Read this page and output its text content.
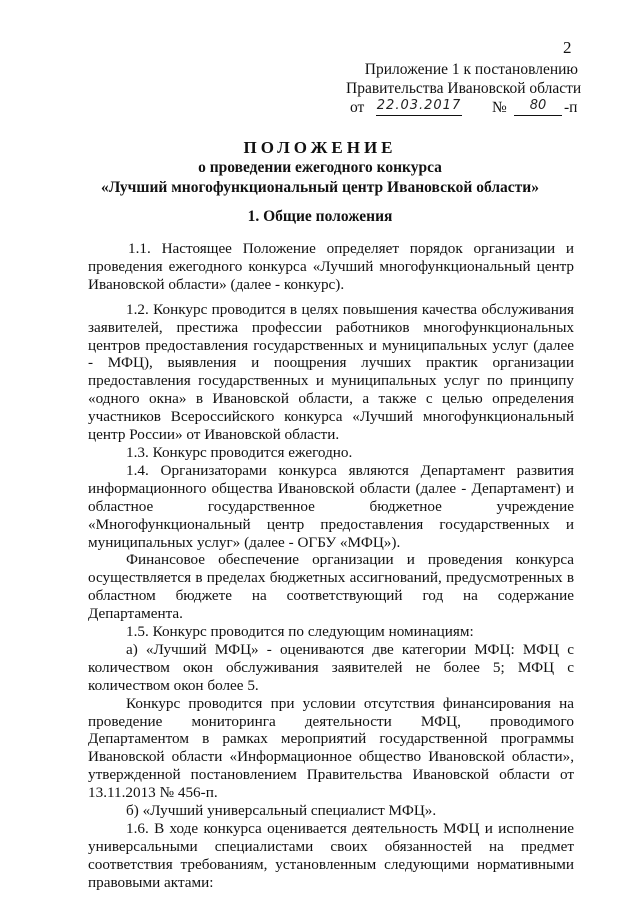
2
Приложение 1 к постановлению
Правительства Ивановской области
от 22.03.2017 №	80	-п
ПОЛОЖЕНИЕ
о проведении ежегодного конкурса
«Лучший многофункциональный центр Ивановской области»
1. Общие положения

1.1. Настоящее Положение определяет порядок организации и проведения ежегодного конкурса «Лучший многофункциональный центр Ивановской области» (далее - конкурс).

1.2. Конкурс проводится в целях повышения качества обслуживания заявителей, престижа профессии работников многофункциональных центров предоставления государственных и муниципальных услуг (далее - МФЦ), выявления и поощрения лучших практик организации предоставления государственных и муниципальных услуг по принципу «одного окна» в Ивановской области, а также с целью определения участников Всероссийского конкурса «Лучший многофункциональный центр России» от Ивановской области.

1.3. Конкурс проводится ежегодно.

1.4. Организаторами конкурса являются Департамент развития информационного общества Ивановской области (далее - Департамент) и областное государственное бюджетное учреждение «Многофункциональный центр предоставления государственных и муниципальных услуг» (далее - ОГБУ «МФЦ»).

Финансовое обеспечение организации и проведения конкурса осуществляется в пределах бюджетных ассигнований, предусмотренных в областном бюджете на соответствующий год на содержание Департамента.

1.5. Конкурс проводится по следующим номинациям:

а) «Лучший МФЦ» - оцениваются две категории МФЦ: МФЦ с количеством окон обслуживания заявителей не более 5; МФЦ с количеством окон более 5.

Конкурс проводится при условии отсутствия финансирования на проведение мониторинга деятельности МФЦ, проводимого Департаментом в рамках мероприятий государственной программы Ивановской области «Информационное общество Ивановской области», утвержденной постановлением Правительства Ивановской области от 13.11.2013 № 456-п.

б) «Лучший универсальный специалист МФЦ».

1.6. В ходе конкурса оценивается деятельность МФЦ и исполнение универсальными специалистами своих обязанностей на предмет соответствия требованиям, установленным следующими нормативными правовыми актами:
